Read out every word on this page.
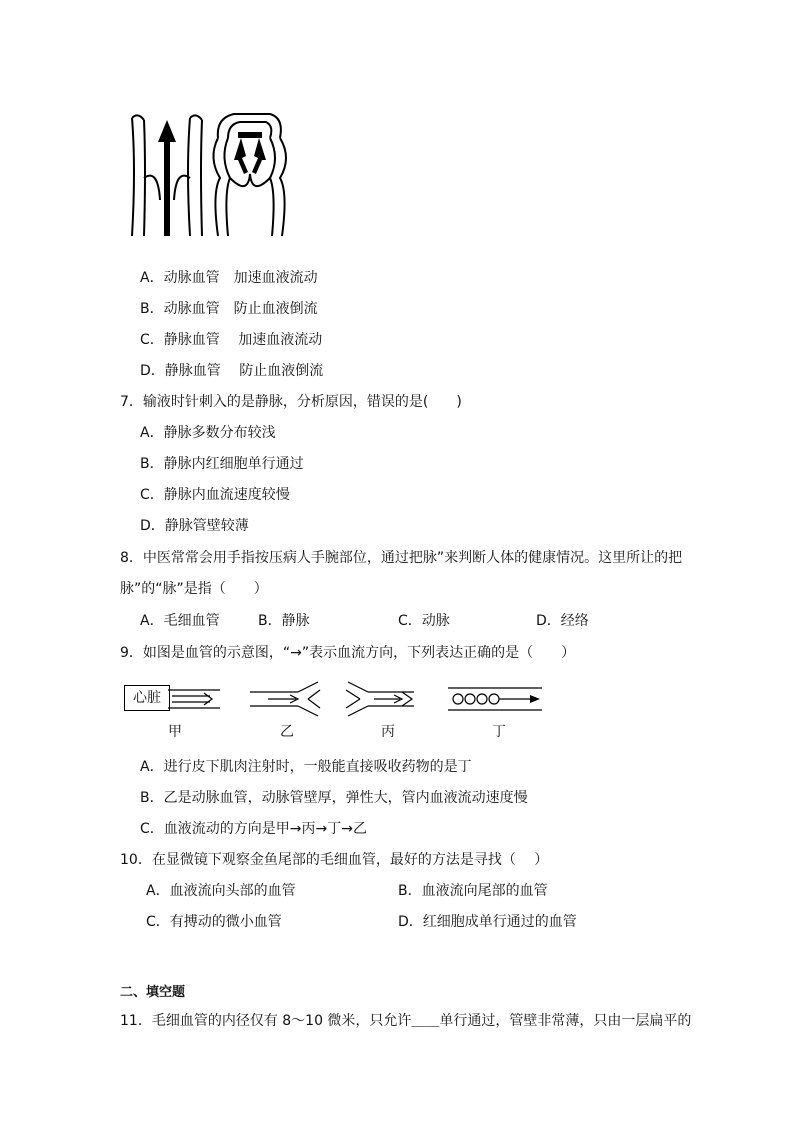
A．动脉血管　加速血液流动
B．动脉血管　防止血液倒流
C．静脉血管　 加速血液流动
D．静脉血管　 防止血液倒流
7．输液时针刺入的是静脉，分析原因，错误的是(　　)
A．静脉多数分布较浅
B．静脉内红细胞单行通过
C．静脉内血流速度较慢
D．静脉管壁较薄
8．中医常常会用手指按压病人手腕部位，通过把脉”来判断人体的健康情况。这里所让的把
脉”的“脉”是指（　　）
A．毛细血管	B．静脉	C．动脉	D．经络
9．如图是血管的示意图，“→”表示血流方向，下列表达正确的是（　　）
心脏
甲	乙	丙	丁
A．进行皮下肌肉注射时，一般能直接吸收药物的是丁
B．乙是动脉血管，动脉管壁厚，弹性大，管内血液流动速度慢
C．血液流动的方向是甲→丙→丁→乙
10．在显微镜下观察金鱼尾部的毛细血管，最好的方法是寻找（　 ）
A．血液流向头部的血管	B．血液流向尾部的血管
C．有搏动的微小血管	D．红细胞成单行通过的血管
二、填空题
11．毛细血管的内径仅有 8～10 微米，只允许＿＿单行通过，管壁非常薄，只由一层扁平的
